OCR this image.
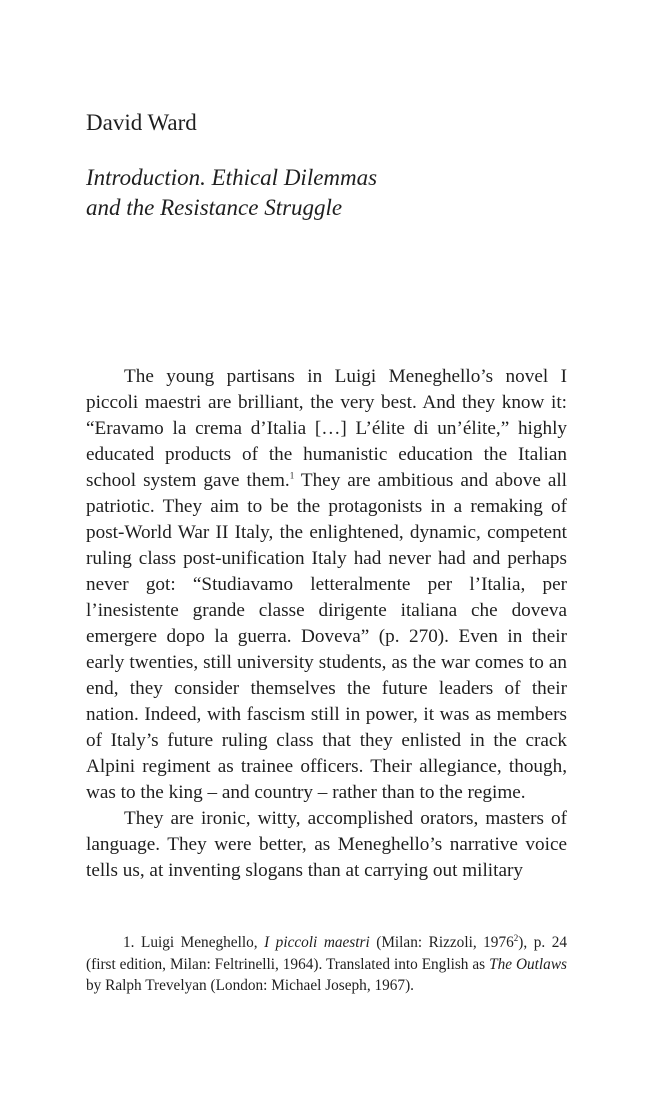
David Ward
Introduction. Ethical Dilemmas
and the Resistance Struggle

The young partisans in Luigi Meneghello’s novel I piccoli maestri are brilliant, the very best. And they know it: “Eravamo la crema d’Italia […] L’élite di un’élite,” highly educated products of the humanistic education the Italian school system gave them.$^1$ They are ambitious and above all patriotic. They aim to be the protagonists in a remaking of post-World War II Italy, the enlightened, dynamic, competent ruling class post-unification Italy had never had and perhaps never got: “Studiavamo letteralmente per l’Italia, per l’inesistente grande classe dirigente italiana che doveva emergere dopo la guerra. Doveva” (p. 270). Even in their early twenties, still university students, as the war comes to an end, they consider themselves the future leaders of their nation. Indeed, with fascism still in power, it was as members of Italy’s future ruling class that they enlisted in the crack Alpini regiment as trainee officers. Their allegiance, though, was to the king – and country – rather than to the regime.

They are ironic, witty, accomplished orators, masters of language. They were better, as Meneghello’s narrative voice tells us, at inventing slogans than at carrying out military

1. Luigi Meneghello, I piccoli maestri (Milan: Rizzoli, 1976$^2$), p. 24 (first edition, Milan: Feltrinelli, 1964). Translated into English as The Outlaws by Ralph Trevelyan (London: Michael Joseph, 1967).
